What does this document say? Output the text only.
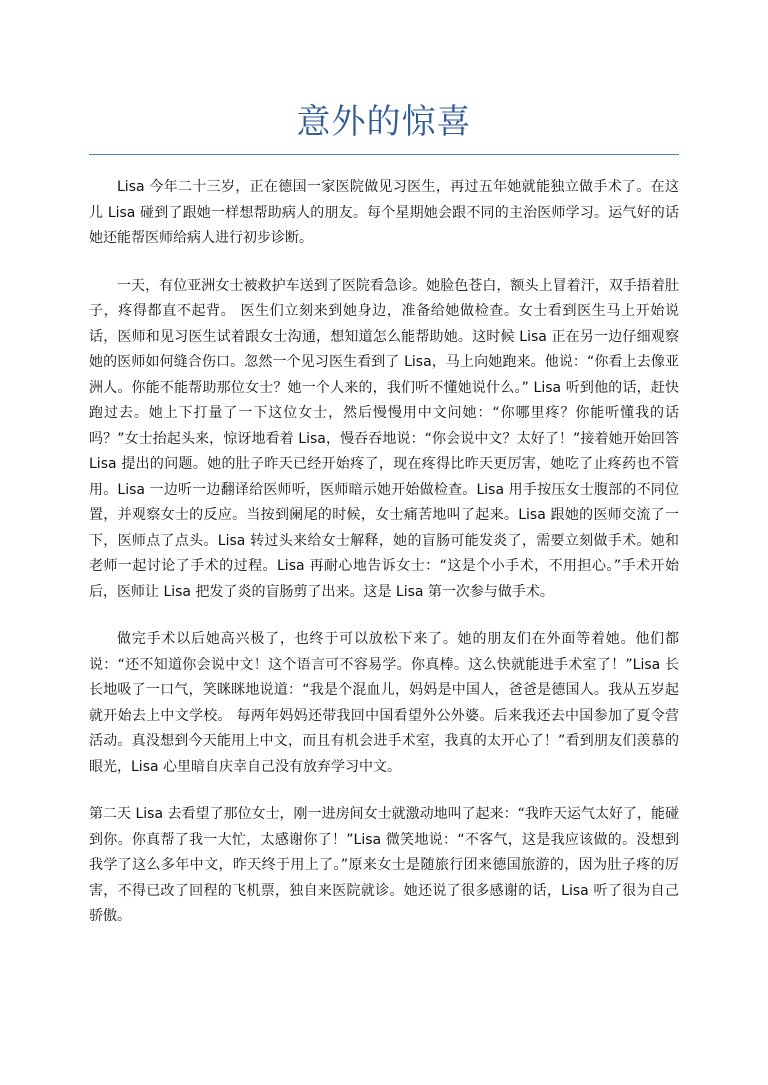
意外的惊喜

Lisa 今年二十三岁，正在德国一家医院做见习医生，再过五年她就能独立做手术了。在这儿 Lisa 碰到了跟她一样想帮助病人的朋友。每个星期她会跟不同的主治医师学习。运气好的话她还能帮医师给病人进行初步诊断。

一天，有位亚洲女士被救护车送到了医院看急诊。她脸色苍白，额头上冒着汗，双手捂着肚子，疼得都直不起背。 医生们立刻来到她身边，准备给她做检查。女士看到医生马上开始说话，医师和见习医生试着跟女士沟通，想知道怎么能帮助她。这时候 Lisa 正在另一边仔细观察她的医师如何缝合伤口。忽然一个见习医生看到了 Lisa，马上向她跑来。他说：“你看上去像亚洲人。你能不能帮助那位女士？她一个人来的，我们听不懂她说什么。” Lisa 听到他的话，赶快跑过去。她上下打量了一下这位女士，然后慢慢用中文问她：“你哪里疼？你能听懂我的话吗？”女士抬起头来，惊讶地看着 Lisa，慢吞吞地说：“你会说中文？太好了！”接着她开始回答 Lisa 提出的问题。她的肚子昨天已经开始疼了，现在疼得比昨天更厉害，她吃了止疼药也不管用。Lisa 一边听一边翻译给医师听，医师暗示她开始做检查。Lisa 用手按压女士腹部的不同位置，并观察女士的反应。当按到阑尾的时候，女士痛苦地叫了起来。Lisa 跟她的医师交流了一下，医师点了点头。Lisa 转过头来给女士解释，她的盲肠可能发炎了，需要立刻做手术。她和老师一起讨论了手术的过程。Lisa 再耐心地告诉女士：“这是个小手术，不用担心。”手术开始后，医师让 Lisa 把发了炎的盲肠剪了出来。这是 Lisa 第一次参与做手术。

做完手术以后她高兴极了，也终于可以放松下来了。她的朋友们在外面等着她。他们都说：“还不知道你会说中文！这个语言可不容易学。你真棒。这么快就能进手术室了！”Lisa 长长地吸了一口气，笑眯眯地说道：“我是个混血儿，妈妈是中国人，爸爸是德国人。我从五岁起就开始去上中文学校。 每两年妈妈还带我回中国看望外公外婆。后来我还去中国参加了夏令营活动。真没想到今天能用上中文，而且有机会进手术室，我真的太开心了！”看到朋友们羡慕的眼光，Lisa 心里暗自庆幸自己没有放弃学习中文。

第二天 Lisa 去看望了那位女士，刚一进房间女士就激动地叫了起来：“我昨天运气太好了，能碰到你。你真帮了我一大忙，太感谢你了！”Lisa 微笑地说：“不客气，这是我应该做的。没想到我学了这么多年中文，昨天终于用上了。”原来女士是随旅行团来德国旅游的，因为肚子疼的厉害，不得已改了回程的飞机票，独自来医院就诊。她还说了很多感谢的话，Lisa 听了很为自己骄傲。
